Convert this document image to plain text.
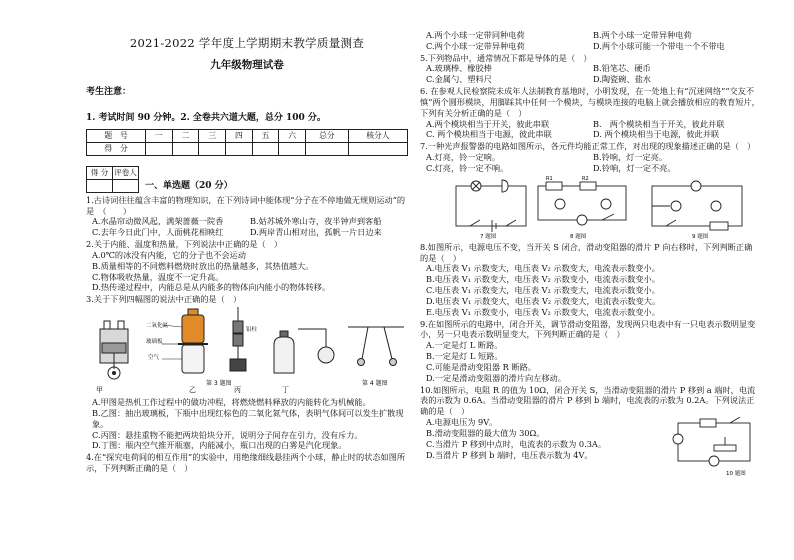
2021-2022 学年度上学期期末教学质量测查
九年级物理试卷
考生注意：
1. 考试时间 90 分钟。2. 全卷共六道大题，总分 100 分。
题　号	一	二	三	四	五	六	总分	核分人
得　分								
得 分	评卷人

一、单选题（20 分）
1.古诗词往往蕴含丰富的物理知识，在下列诗词中能体现“分子在不停地做无规则运动”的是　（　　）
A.水晶帘动微风起，满架蔷薇一院香	B.姑苏城外寒山寺，夜半钟声到客船
C.去年今日此门中，人面桃花相映红	D.两岸青山相对出，孤帆一片日边来
2.关于内能、温度和热量，下列说法中正确的是（　）
A.0℃的冰没有内能，它的分子也不会运动
B.质量相等的不同燃料燃烧时放出的热量越多，其热值越大。
C.物体吸收热量，温度不一定升高。
D.热传递过程中，内能总是从内能多的物体向内能小的物体转移。
3.关于下列四幅图的说法中正确的是（　）
二氧化氮
玻璃板
空气
铅柱
甲	乙	丙	丁
第 3 题图	第 4 题图
A.甲图是热机工作过程中的做功冲程，将燃烧燃料释放的内能转化为机械能。
B.乙图：抽出玻璃板，下瓶中出现红棕色的二氧化氮气体，表明气体间可以发生扩散现象。
C.丙图：悬挂重物不能把两块铅块分开，说明分子间存在引力，没有斥力。
D.丁图：瓶内空气推开瓶塞，内能减小，瓶口出现的白雾是汽化现象。
4.在“探究电荷间的相互作用”的实验中，用绝缘细线悬挂两个小球，静止时的状态如图所示，下列判断正确的是（　）
A.两个小球一定带同种电荷	B.两个小球一定带异种电荷
C.两个小球一定带异种电荷	D.两个小球可能一个带电一个不带电
5.下列物品中，通常情况下都是导体的是（　）
A.玻璃棒、橡胶棒	B.铅笔芯、硬币
C.金属勺、塑料尺	D.陶瓷碗、盐水
6. 在参观人民检察院未成年人法制教育基地时，小明发现，在一处地上有“沉迷网络”“交友不慎”两个圆形模块，用脚踩其中任何一个模块，与模块连接的电脑上就会播放相应的教育短片，下列有关分析正确的是（　）
A.两个模块相当于开关，彼此串联	B.　两个模块相当于开关，彼此并联
C. 两个模块相当于电源，彼此串联	D. 两个模块相当于电源，彼此并联
7.一种光声报警器的电路如图所示，各元件均能正常工作，对出现的现象描述正确的是（　）
A.灯亮，铃一定响。	B.铃响，灯一定亮。
C.灯亮，铃一定不响。	D.铃响，灯一定不亮。
7 题图
R1	R2
8 题图	9 题图
8.如图所示，电源电压不变，当开关 S 闭合，滑动变阻器的滑片 P 向右移时，下列判断正确的是（　）
A.电压表 V₁ 示数变大，电压表 V₂ 示数变大，电流表示数变小。
B.电压表 V₁ 示数变大，电压表 V₂ 示数变小，电流表示数变小。
C.电压表 V₁ 示数变大，电压表 V₂ 示数变大，电流表示数变小。
D.电压表 V₁ 示数变大，电压表 V₂ 示数变大，电流表示数变大。
E.电压表 V₁ 示数变小，电压表 V₂ 示数变大，电流表示数变小。
9.在如图所示的电路中，闭合开关，调节滑动变阻器，发现两只电表中有一只电表示数明显变小，另一只电表示数明显变大，下列判断正确的是（　）
A.一定是灯 L 断路。
B.一定是灯 L 短路。
C.可能是滑动变阻器 R 断路。
D.一定是滑动变阻器的滑片向左移动。
10.如图所示，电阻 R 的值为 10Ω，闭合开关 S，当滑动变阻器的滑片 P 移到 a 端时，电流表的示数为 0.6A。当滑动变阻器的滑片 P 移到 b 端时，电流表的示数为 0.2A。下列说法正确的是（　）
A.电源电压为 9V。
B.滑动变阻器的最大值为 30Ω。
C.当滑片 P 移到中点时，电流表的示数为 0.3A。
D.当滑片 P 移到 b 端时，电压表示数为 4V。
10 题图
